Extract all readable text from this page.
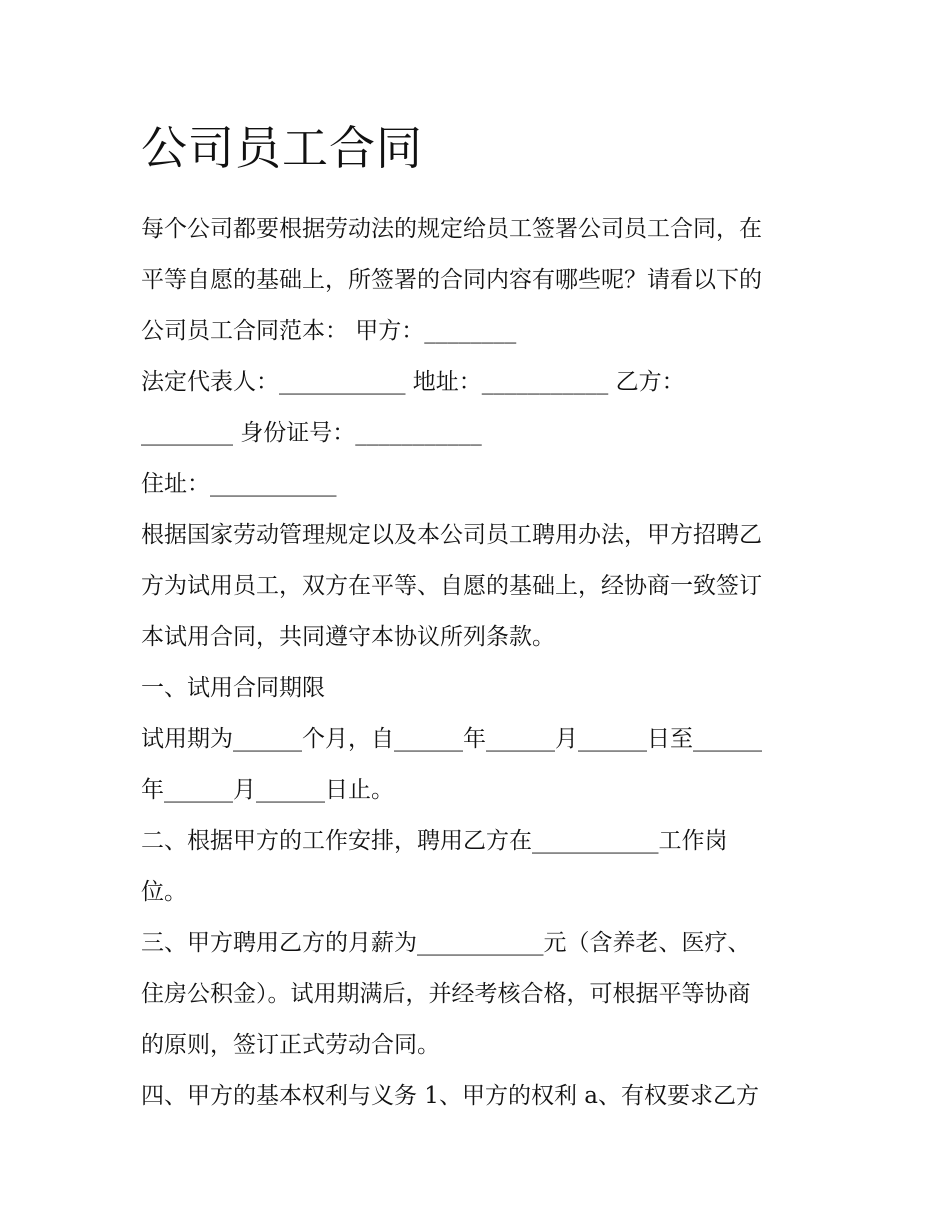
公司员工合同

每个公司都要根据劳动法的规定给员工签署公司员工合同，在

平等自愿的基础上，所签署的合同内容有哪些呢？请看以下的

公司员工合同范本： 甲方：________

法定代表人：___________ 地址：___________ 乙方：

________ 身份证号：___________

住址：___________

根据国家劳动管理规定以及本公司员工聘用办法，甲方招聘乙

方为试用员工，双方在平等、自愿的基础上，经协商一致签订

本试用合同，共同遵守本协议所列条款。

一、试用合同期限

试用期为______个月，自______年______月______日至______

年______月______日止。

二、根据甲方的工作安排，聘用乙方在___________工作岗

位。

三、甲方聘用乙方的月薪为___________元（含养老、医疗、

住房公积金）。试用期满后，并经考核合格，可根据平等协商

的原则，签订正式劳动合同。

四、甲方的基本权利与义务 1、甲方的权利 a、有权要求乙方
